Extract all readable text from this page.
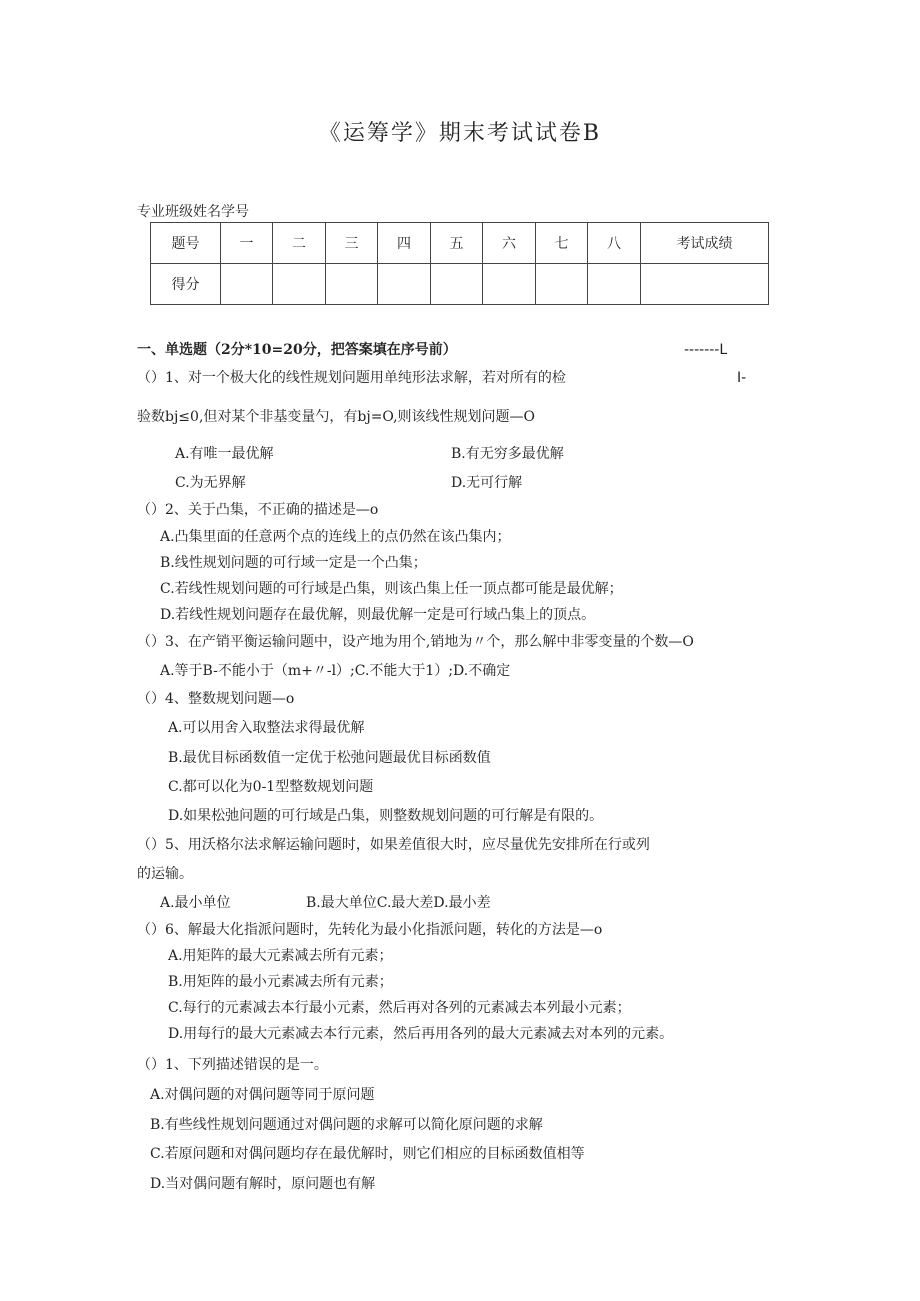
《运筹学》期末考试试卷B
专业班级姓名学号
题号	一	二	三	四	五	六	七	八	考试成绩
得分									
一、单选题（2分*10=20分，把答案填在序号前）	-------L
（）1、对一个极大化的线性规划问题用单纯形法求解，若对所有的检	I-
验数bj≤0,但对某个非基变量勺，有bj=O,则该线性规划问题—O
A.有唯一最优解	B.有无穷多最优解
C.为无界解	D.无可行解
（）2、关于凸集，不正确的描述是—o
A.凸集里面的任意两个点的连线上的点仍然在该凸集内；
B.线性规划问题的可行域一定是一个凸集；
C.若线性规划问题的可行域是凸集，则该凸集上任一顶点都可能是最优解；
D.若线性规划问题存在最优解，则最优解一定是可行域凸集上的顶点。
（）3、在产销平衡运输问题中，设产地为用个,销地为〃个，那么解中非零变量的个数—O
A.等于B-不能小于（m+〃-l）;C.不能大于1）;D.不确定
（）4、整数规划问题—o
A.可以用舍入取整法求得最优解
B.最优目标函数值一定优于松弛问题最优目标函数值
C.都可以化为0-1型整数规划问题
D.如果松弛问题的可行域是凸集，则整数规划问题的可行解是有限的。
（）5、用沃格尔法求解运输问题时，如果差值很大时，应尽量优先安排所在行或列
的运输。
A.最小单位	B.最大单位C.最大差D.最小差
（）6、解最大化指派问题时，先转化为最小化指派问题，转化的方法是—o
A.用矩阵的最大元素减去所有元素；
B.用矩阵的最小元素减去所有元素；
C.每行的元素减去本行最小元素，然后再对各列的元素减去本列最小元素；
D.用每行的最大元素减去本行元素，然后再用各列的最大元素减去对本列的元素。
（）1、下列描述错误的是一。
A.对偶问题的对偶问题等同于原问题
B.有些线性规划问题通过对偶问题的求解可以简化原问题的求解
C.若原问题和对偶问题均存在最优解时，则它们相应的目标函数值相等
D.当对偶问题有解时，原问题也有解
